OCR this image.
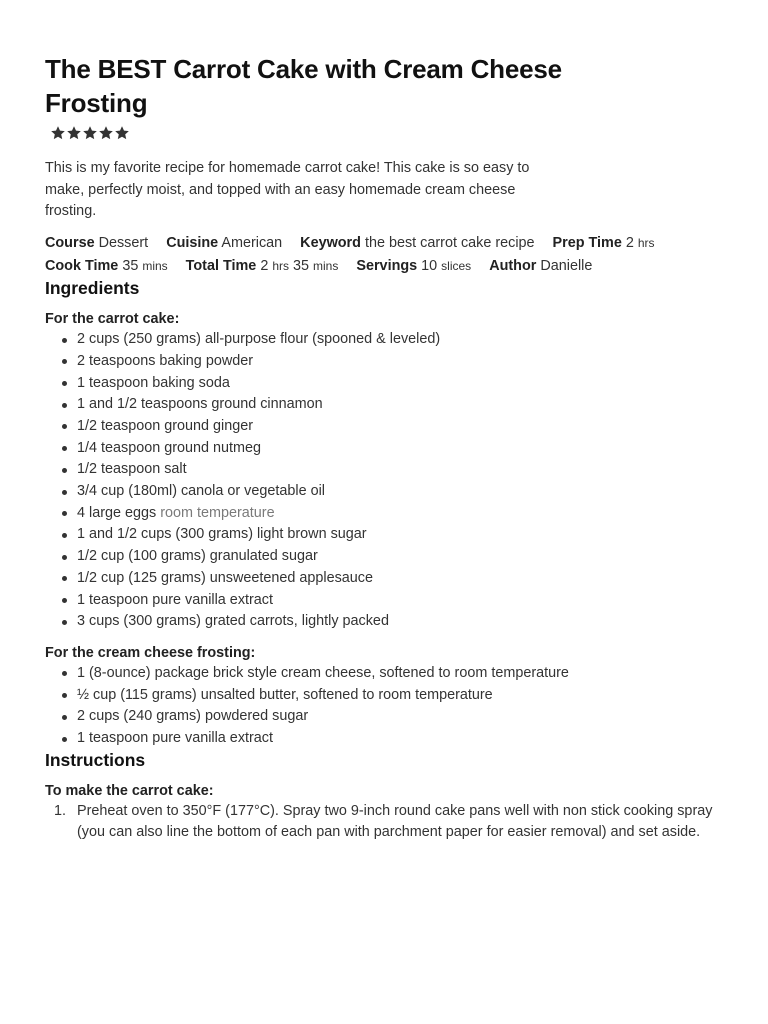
The BEST Carrot Cake with Cream Cheese Frosting

This is my favorite recipe for homemade carrot cake! This cake is so easy to make, perfectly moist, and topped with an easy homemade cream cheese frosting.

Course Dessert Cuisine American Keyword the best carrot cake recipe Prep Time 2 hrs
Cook Time 35 mins Total Time 2 hrs 35 mins Servings 10 slices Author Danielle
Ingredients
For the carrot cake:
2 cups (250 grams) all-purpose flour (spooned & leveled)
2 teaspoons baking powder
1 teaspoon baking soda
1 and 1/2 teaspoons ground cinnamon
1/2 teaspoon ground ginger
1/4 teaspoon ground nutmeg
1/2 teaspoon salt
3/4 cup (180ml) canola or vegetable oil
4 large eggs room temperature
1 and 1/2 cups (300 grams) light brown sugar
1/2 cup (100 grams) granulated sugar
1/2 cup (125 grams) unsweetened applesauce
1 teaspoon pure vanilla extract
3 cups (300 grams) grated carrots, lightly packed
For the cream cheese frosting:
1 (8-ounce) package brick style cream cheese, softened to room temperature
½ cup (115 grams) unsalted butter, softened to room temperature
2 cups (240 grams) powdered sugar
1 teaspoon pure vanilla extract
Instructions
To make the carrot cake:
1. Preheat oven to 350°F (177°C). Spray two 9-inch round cake pans well with non stick cooking spray (you can also line the bottom of each pan with parchment paper for easier removal) and set aside.
